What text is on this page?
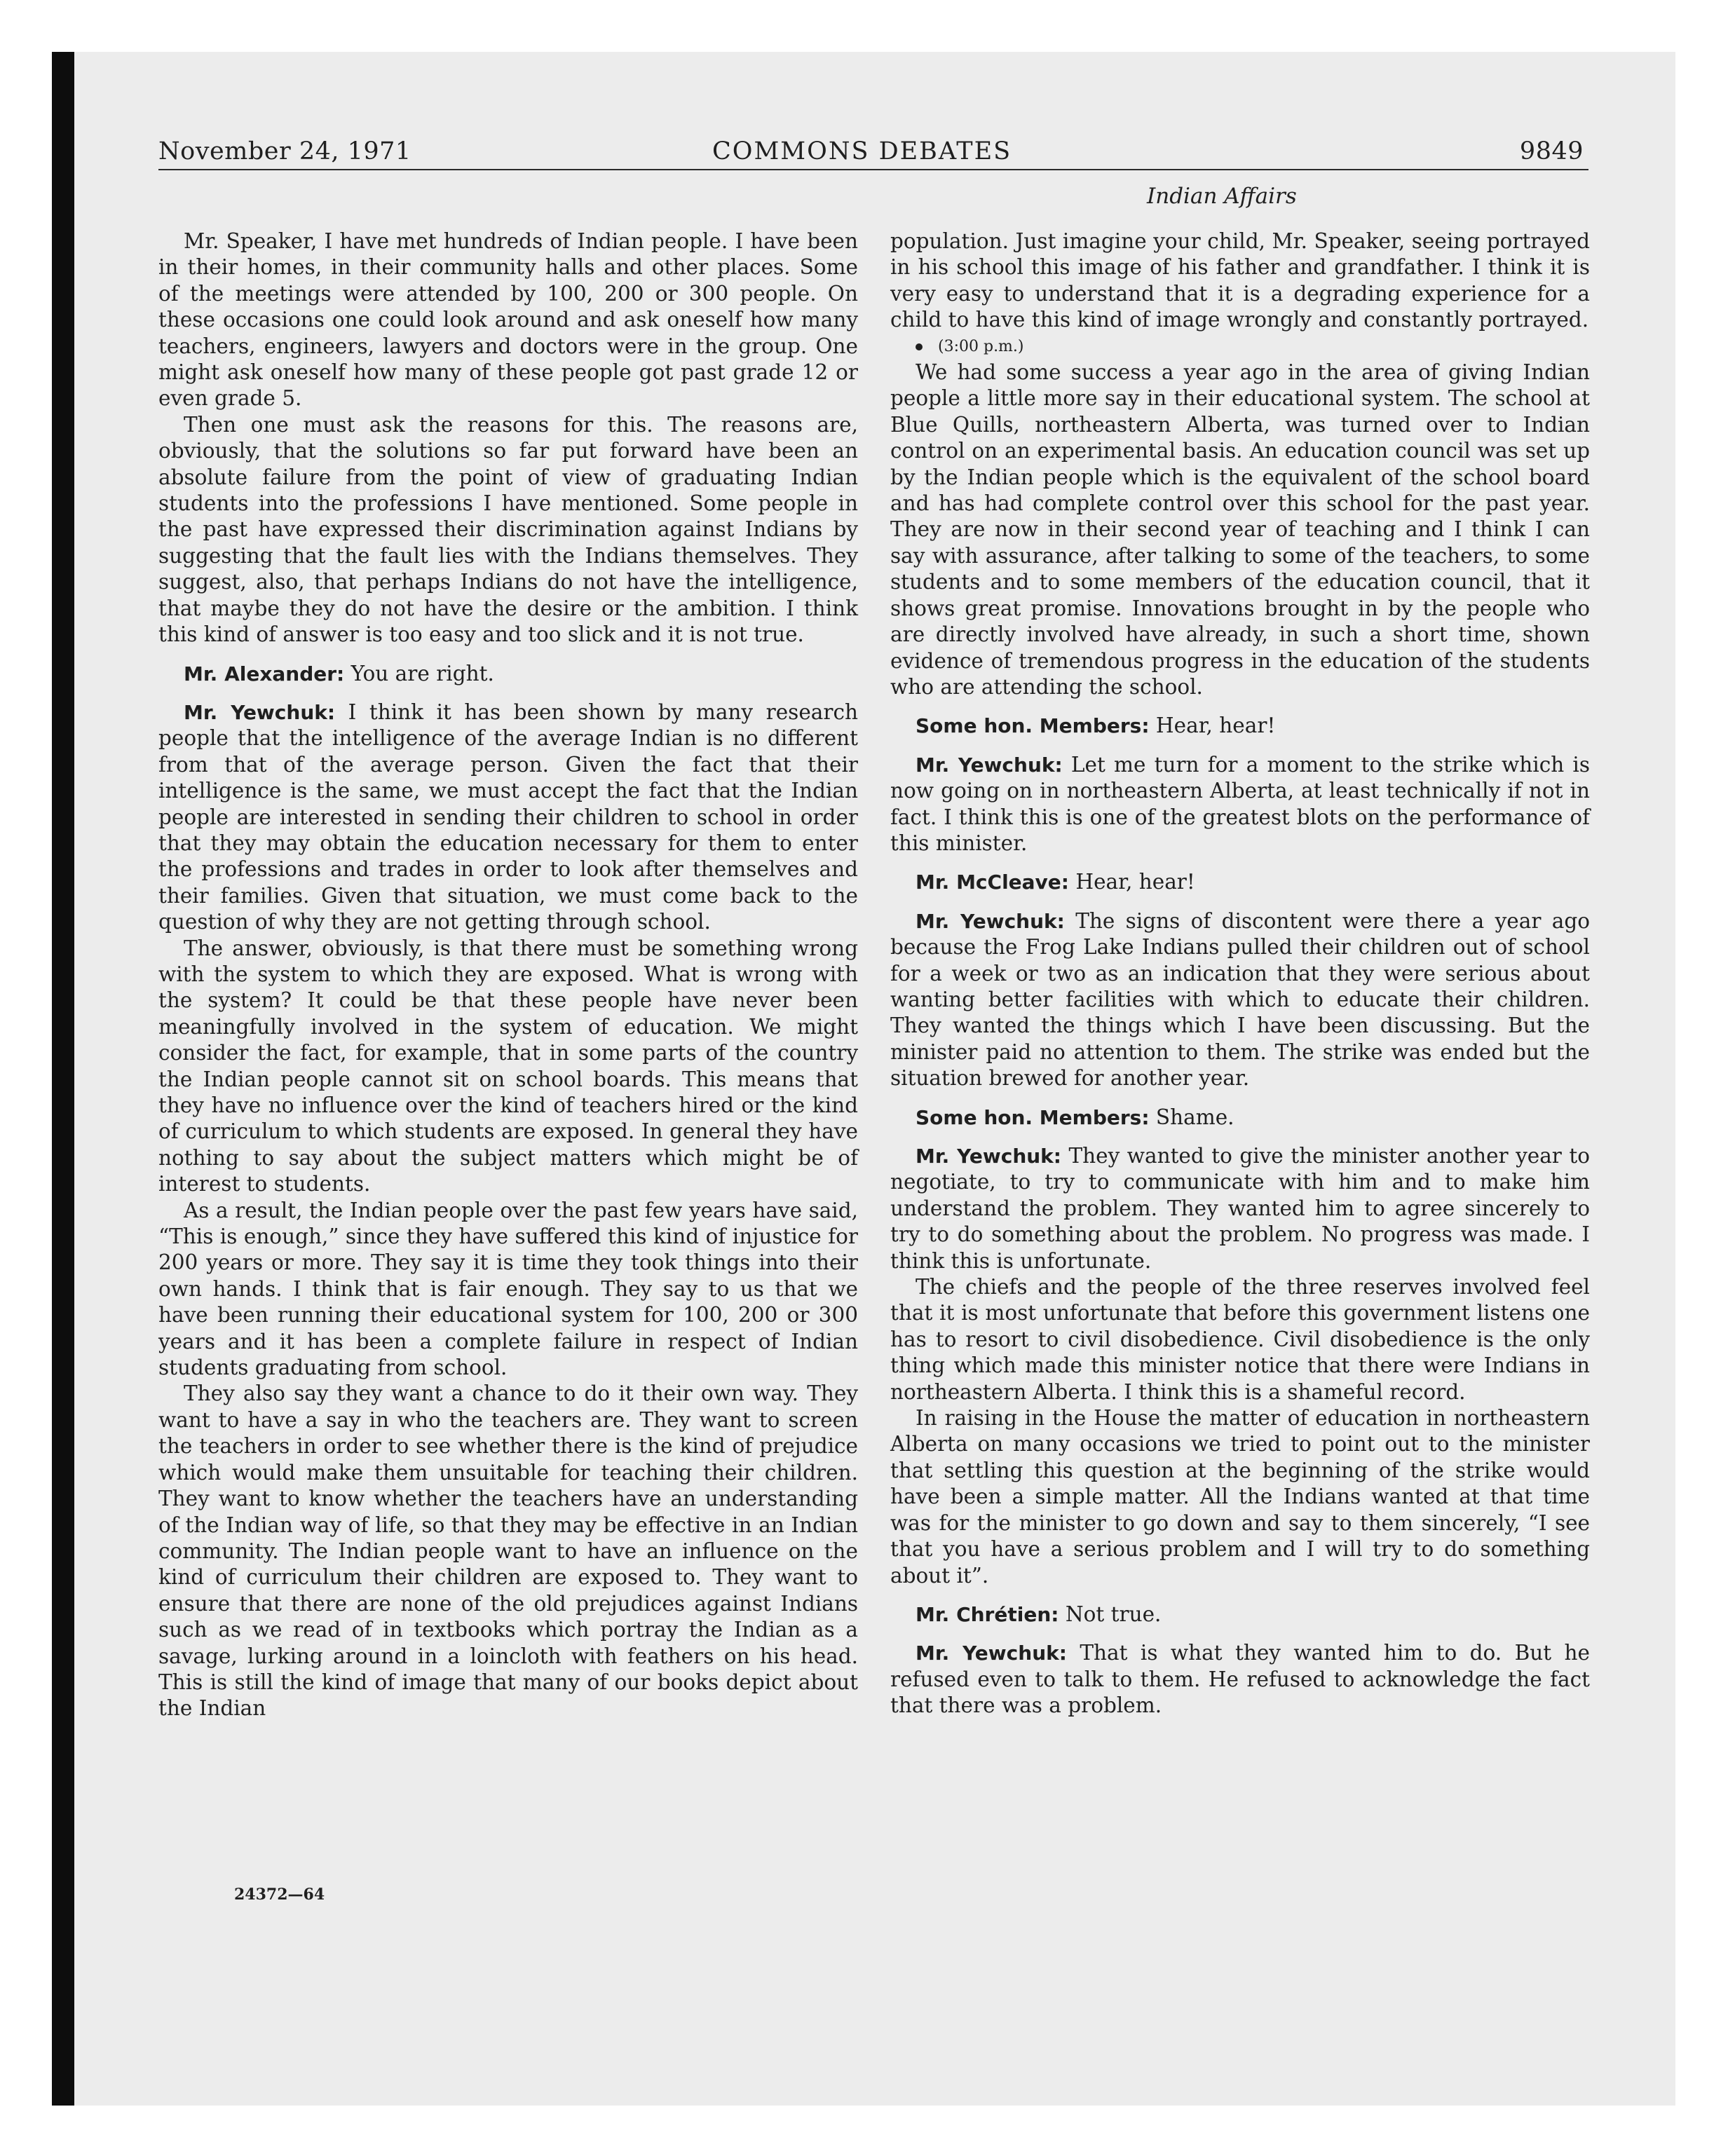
November 24, 1971	COMMONS DEBATES	9849
Indian Affairs

Mr. Speaker, I have met hundreds of Indian people. I have been in their homes, in their community halls and other places. Some of the meetings were attended by 100, 200 or 300 people. On these occasions one could look around and ask oneself how many teachers, engineers, lawyers and doctors were in the group. One might ask oneself how many of these people got past grade 12 or even grade 5.

Then one must ask the reasons for this. The reasons are, obviously, that the solutions so far put forward have been an absolute failure from the point of view of graduating Indian students into the professions I have mentioned. Some people in the past have expressed their discrimination against Indians by suggesting that the fault lies with the Indians themselves. They suggest, also, that perhaps Indians do not have the intelligence, that maybe they do not have the desire or the ambition. I think this kind of answer is too easy and too slick and it is not true.

Mr. Alexander: You are right.

Mr. Yewchuk: I think it has been shown by many research people that the intelligence of the average Indian is no different from that of the average person. Given the fact that their intelligence is the same, we must accept the fact that the Indian people are interested in sending their children to school in order that they may obtain the education necessary for them to enter the professions and trades in order to look after themselves and their families. Given that situation, we must come back to the question of why they are not getting through school.

The answer, obviously, is that there must be something wrong with the system to which they are exposed. What is wrong with the system? It could be that these people have never been meaningfully involved in the system of education. We might consider the fact, for example, that in some parts of the country the Indian people cannot sit on school boards. This means that they have no influence over the kind of teachers hired or the kind of curriculum to which students are exposed. In general they have nothing to say about the subject matters which might be of interest to students.

As a result, the Indian people over the past few years have said, “This is enough,” since they have suffered this kind of injustice for 200 years or more. They say it is time they took things into their own hands. I think that is fair enough. They say to us that we have been running their educational system for 100, 200 or 300 years and it has been a complete failure in respect of Indian students graduating from school.

They also say they want a chance to do it their own way. They want to have a say in who the teachers are. They want to screen the teachers in order to see whether there is the kind of prejudice which would make them unsuitable for teaching their children. They want to know whether the teachers have an understanding of the Indian way of life, so that they may be effective in an Indian community. The Indian people want to have an influence on the kind of curriculum their children are exposed to. They want to ensure that there are none of the old prejudices against Indians such as we read of in textbooks which portray the Indian as a savage, lurking around in a loincloth with feathers on his head. This is still the kind of image that many of our books depict about the Indian

population. Just imagine your child, Mr. Speaker, seeing portrayed in his school this image of his father and grandfather. I think it is very easy to understand that it is a degrading experience for a child to have this kind of image wrongly and constantly portrayed.

(3:00 p.m.)

We had some success a year ago in the area of giving Indian people a little more say in their educational system. The school at Blue Quills, northeastern Alberta, was turned over to Indian control on an experimental basis. An education council was set up by the Indian people which is the equivalent of the school board and has had complete control over this school for the past year. They are now in their second year of teaching and I think I can say with assurance, after talking to some of the teachers, to some students and to some members of the education council, that it shows great promise. Innovations brought in by the people who are directly involved have already, in such a short time, shown evidence of tremendous progress in the education of the students who are attending the school.

Some hon. Members: Hear, hear!

Mr. Yewchuk: Let me turn for a moment to the strike which is now going on in northeastern Alberta, at least technically if not in fact. I think this is one of the greatest blots on the performance of this minister.

Mr. McCleave: Hear, hear!

Mr. Yewchuk: The signs of discontent were there a year ago because the Frog Lake Indians pulled their children out of school for a week or two as an indication that they were serious about wanting better facilities with which to educate their children. They wanted the things which I have been discussing. But the minister paid no attention to them. The strike was ended but the situation brewed for another year.

Some hon. Members: Shame.

Mr. Yewchuk: They wanted to give the minister another year to negotiate, to try to communicate with him and to make him understand the problem. They wanted him to agree sincerely to try to do something about the problem. No progress was made. I think this is unfortunate.

The chiefs and the people of the three reserves involved feel that it is most unfortunate that before this government listens one has to resort to civil disobedience. Civil disobedience is the only thing which made this minister notice that there were Indians in northeastern Alberta. I think this is a shameful record.

In raising in the House the matter of education in northeastern Alberta on many occasions we tried to point out to the minister that settling this question at the beginning of the strike would have been a simple matter. All the Indians wanted at that time was for the minister to go down and say to them sincerely, “I see that you have a serious problem and I will try to do something about it”.

Mr. Chrétien: Not true.

Mr. Yewchuk: That is what they wanted him to do. But he refused even to talk to them. He refused to acknowledge the fact that there was a problem.

24372—64
